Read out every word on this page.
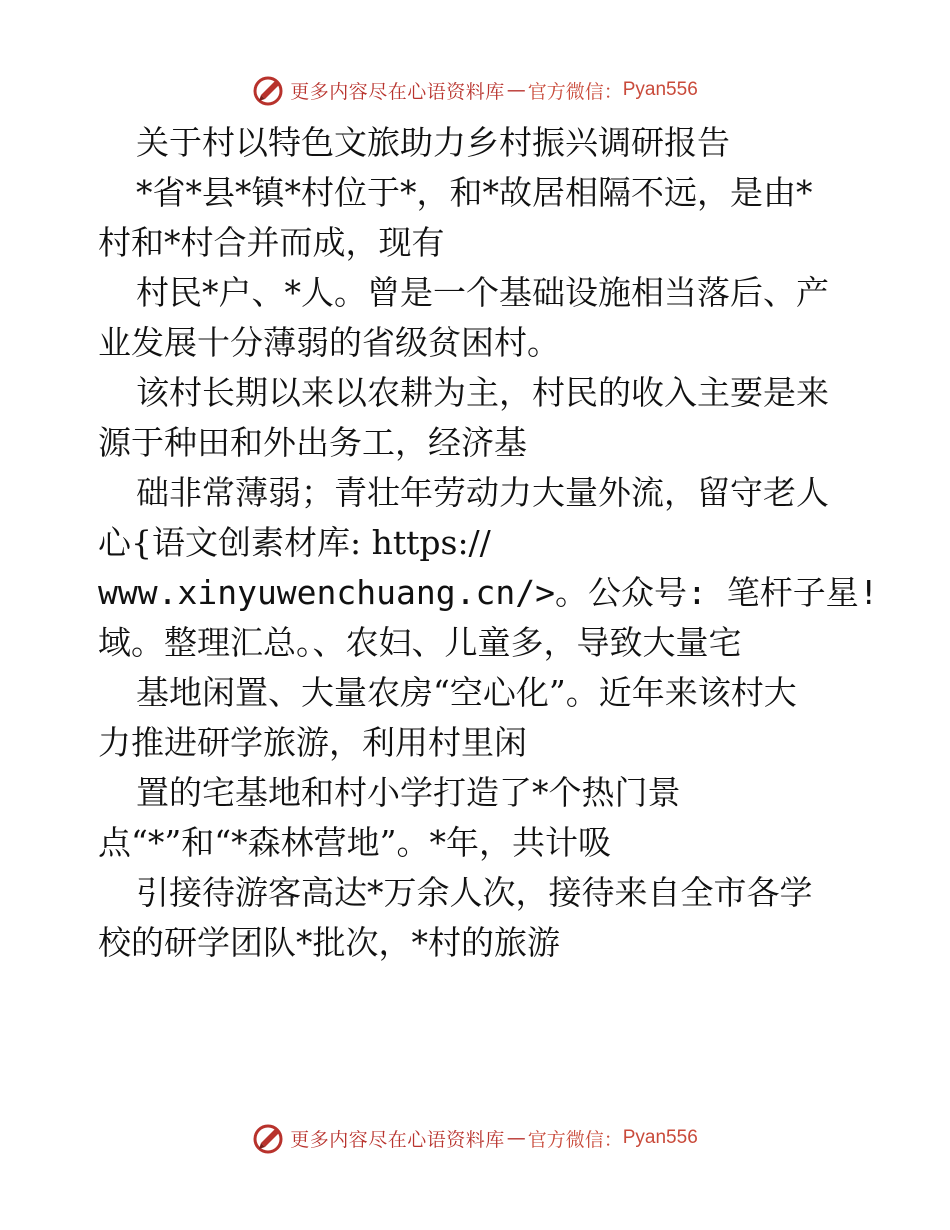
更多内容尽在心语资料库 — 官方微信： Pyan556

关于村以特色文旅助力乡村振兴调研报告

*省*县*镇*村位于*，和*故居相隔不远，是由*

村和*村合并而成，现有

村民*户、*人。曾是一个基础设施相当落后、产

业发展十分薄弱的省级贫困村。

该村长期以来以农耕为主，村民的收入主要是来

源于种田和外出务工，经济基

础非常薄弱；青壮年劳动力大量外流，留守老人

心{语文创素材库: https://

www.xinyuwenchuang.cn/>。公众号: 笔杆子星!

域。整理汇总。、农妇、儿童多，导致大量宅

基地闲置、大量农房“空心化”。近年来该村大

力推进研学旅游，利用村里闲

置的宅基地和村小学打造了*个热门景

点“*”和“*森林营地”。*年，共计吸

引接待游客高达*万余人次，接待来自全市各学

校的研学团队*批次，*村的旅游

更多内容尽在心语资料库 — 官方微信： Pyan556
